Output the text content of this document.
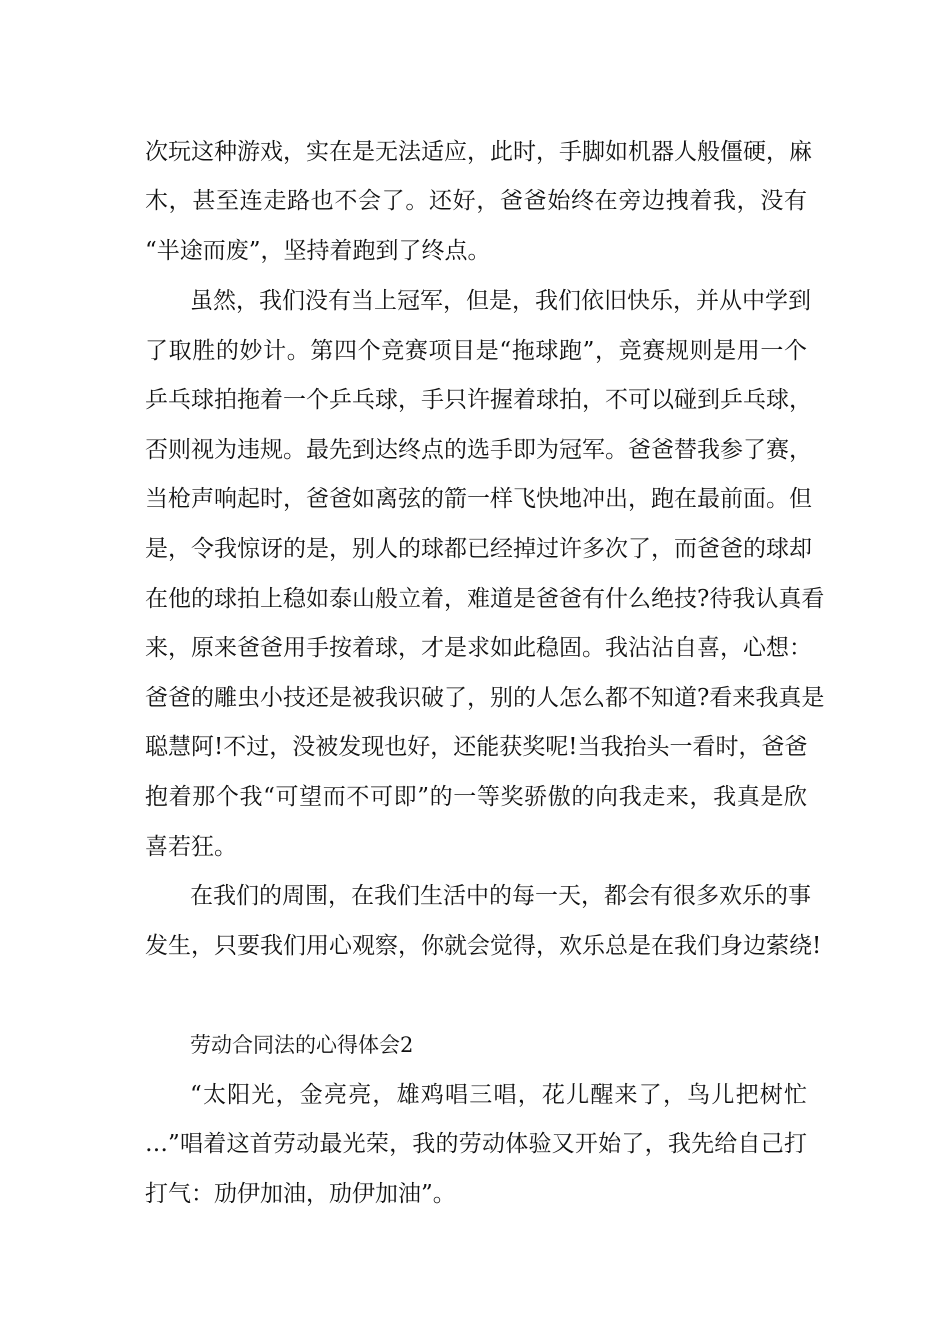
次玩这种游戏，实在是无法适应，此时，手脚如机器人般僵硬，麻
木，甚至连走路也不会了。还好，爸爸始终在旁边拽着我，没有
“半途而废”，坚持着跑到了终点。
虽然，我们没有当上冠军，但是，我们依旧快乐，并从中学到
了取胜的妙计。第四个竞赛项目是“拖球跑”，竞赛规则是用一个
乒乓球拍拖着一个乒乓球，手只许握着球拍，不可以碰到乒乓球，
否则视为违规。最先到达终点的选手即为冠军。爸爸替我参了赛，
当枪声响起时，爸爸如离弦的箭一样飞快地冲出，跑在最前面。但
是，令我惊讶的是，别人的球都已经掉过许多次了，而爸爸的球却
在他的球拍上稳如泰山般立着，难道是爸爸有什么绝技?待我认真看
来，原来爸爸用手按着球，才是求如此稳固。我沾沾自喜，心想：
爸爸的雕虫小技还是被我识破了，别的人怎么都不知道?看来我真是
聪慧阿!不过，没被发现也好，还能获奖呢!当我抬头一看时，爸爸
抱着那个我“可望而不可即”的一等奖骄傲的向我走来，我真是欣
喜若狂。
在我们的周围，在我们生活中的每一天，都会有很多欢乐的事
发生，只要我们用心观察，你就会觉得，欢乐总是在我们身边萦绕!
劳动合同法的心得体会2
“太阳光，金亮亮，雄鸡唱三唱，花儿醒来了，鸟儿把树忙
…”唱着这首劳动最光荣，我的劳动体验又开始了，我先给自己打
打气：劢伊加油，劢伊加油”。
